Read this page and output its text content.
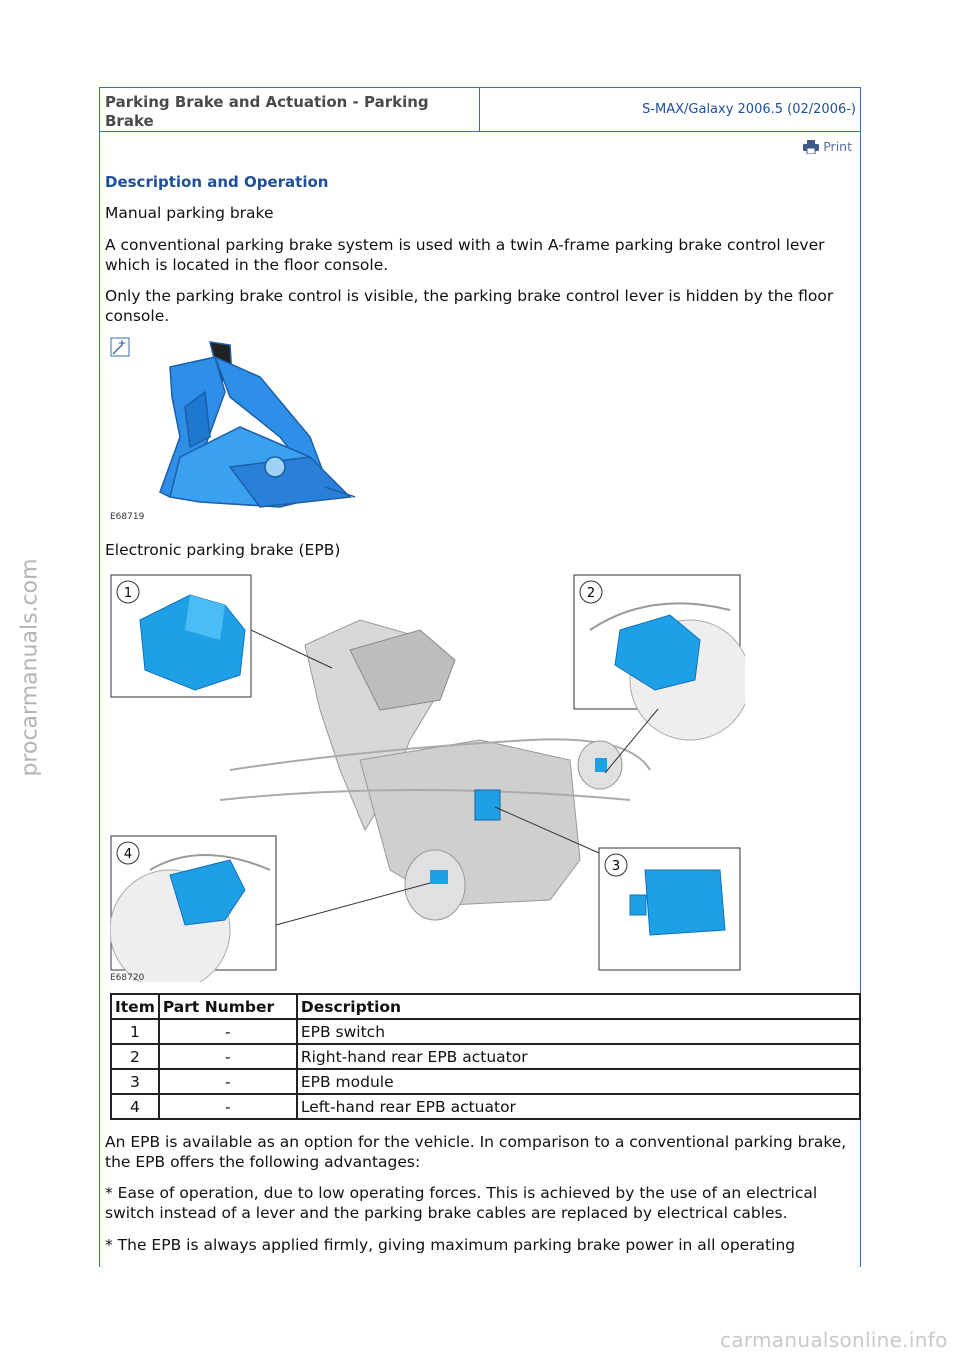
procarmanuals.com
Parking Brake and Actuation - Parking Brake
S-MAX/Galaxy 2006.5 (02/2006-)
Print
Description and Operation
Manual parking brake
A conventional parking brake system is used with a twin A-frame parking brake control lever which is located in the floor console.
Only the parking brake control is visible, the parking brake control lever is hidden by the floor console.
E68719
Electronic parking brake (EPB)
1	2
3
4
E68720
Item	Part Number	Description
1	-	EPB switch
2	-	Right-hand rear EPB actuator
3	-	EPB module
4	-	Left-hand rear EPB actuator
An EPB is available as an option for the vehicle. In comparison to a conventional parking brake, the EPB offers the following advantages:
* Ease of operation, due to low operating forces. This is achieved by the use of an electrical switch instead of a lever and the parking brake cables are replaced by electrical cables.
* The EPB is always applied firmly, giving maximum parking brake power in all operating
carmanualsonline.info
